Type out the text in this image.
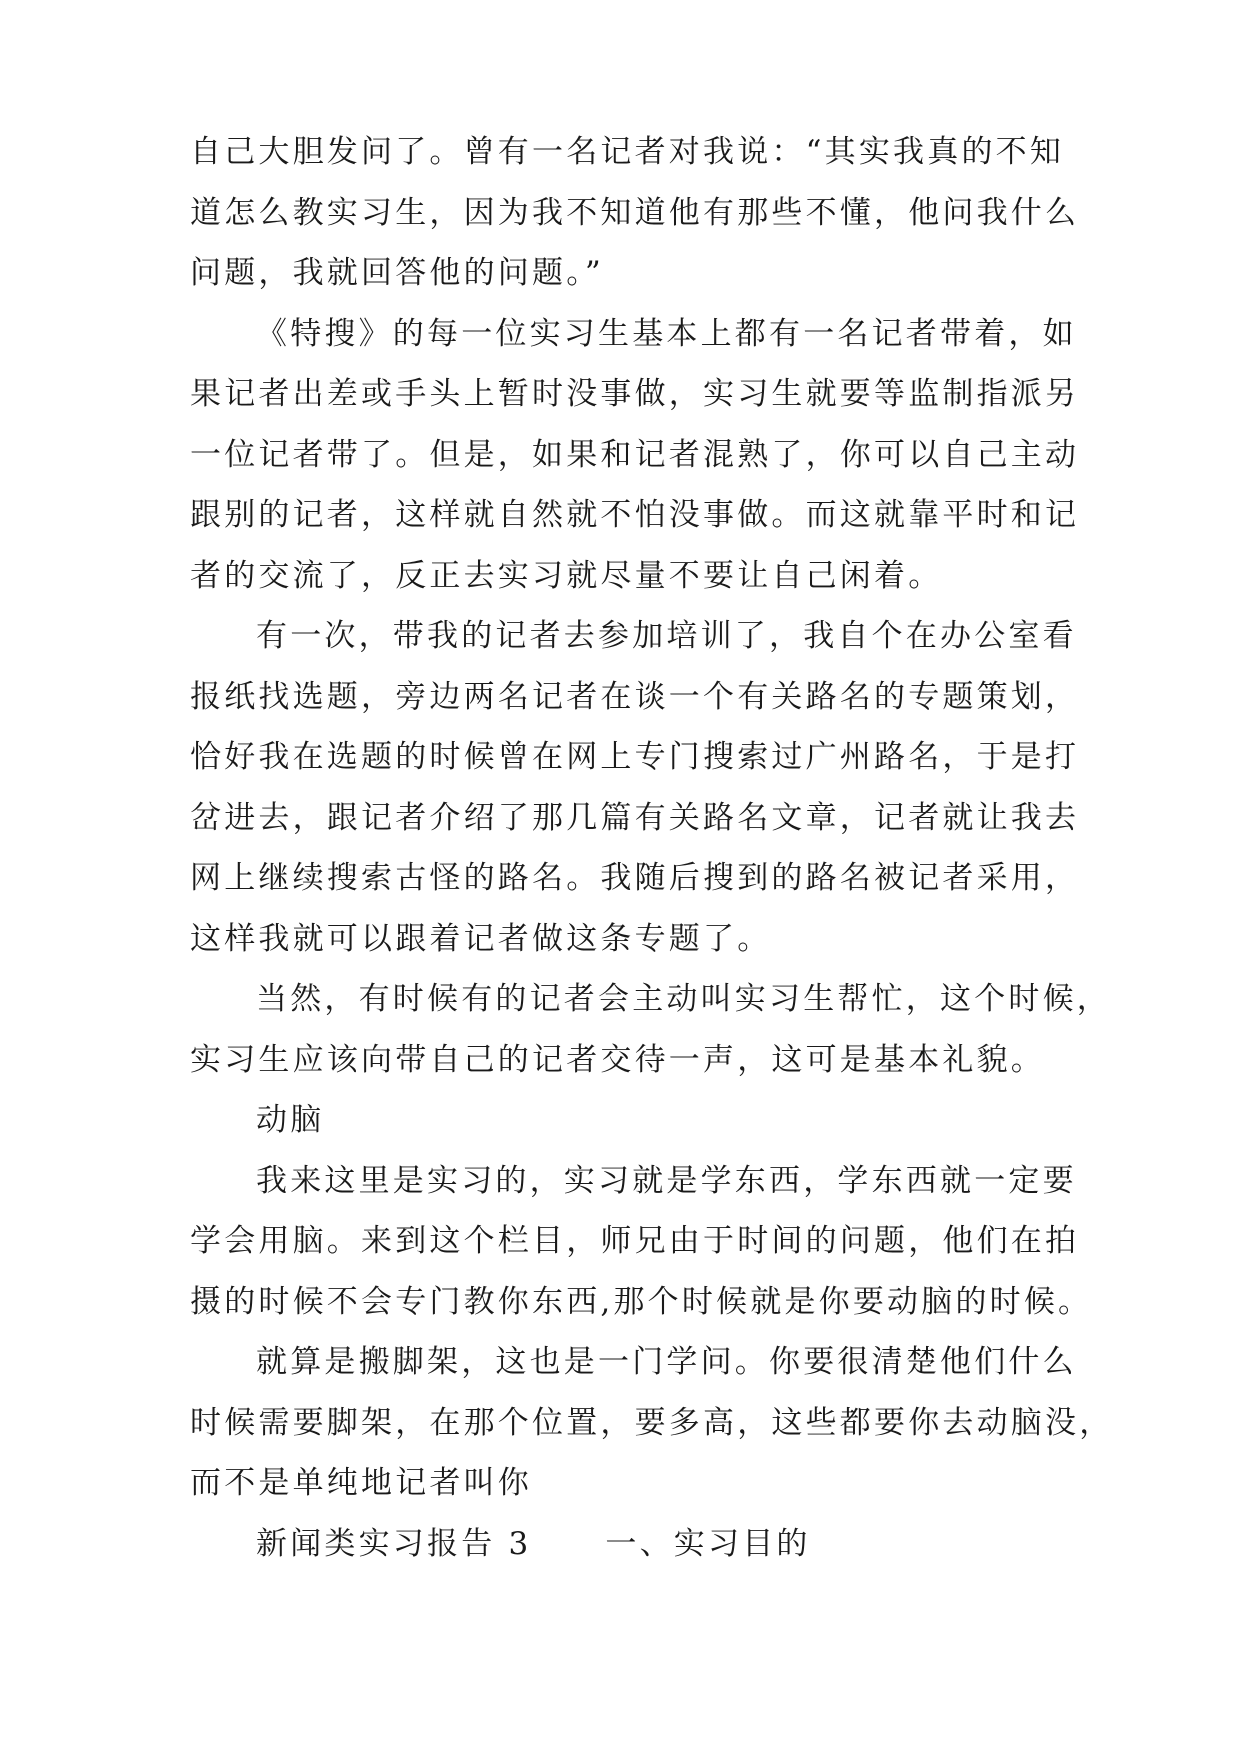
自己大胆发问了。曾有一名记者对我说：“其实我真的不知
道怎么教实习生，因为我不知道他有那些不懂，他问我什么
问题，我就回答他的问题。”
《特搜》的每一位实习生基本上都有一名记者带着，如
果记者出差或手头上暂时没事做，实习生就要等监制指派另
一位记者带了。但是，如果和记者混熟了，你可以自己主动
跟别的记者，这样就自然就不怕没事做。而这就靠平时和记
者的交流了，反正去实习就尽量不要让自己闲着。
有一次，带我的记者去参加培训了，我自个在办公室看
报纸找选题，旁边两名记者在谈一个有关路名的专题策划，
恰好我在选题的时候曾在网上专门搜索过广州路名，于是打
岔进去，跟记者介绍了那几篇有关路名文章，记者就让我去
网上继续搜索古怪的路名。我随后搜到的路名被记者采用，
这样我就可以跟着记者做这条专题了。
当然，有时候有的记者会主动叫实习生帮忙，这个时候，
实习生应该向带自己的记者交待一声，这可是基本礼貌。
动脑
我来这里是实习的，实习就是学东西，学东西就一定要
学会用脑。来到这个栏目，师兄由于时间的问题，他们在拍
摄的时候不会专门教你东西,那个时候就是你要动脑的时候。
就算是搬脚架，这也是一门学问。你要很清楚他们什么
时候需要脚架，在那个位置，要多高，这些都要你去动脑没，
而不是单纯地记者叫你
新闻类实习报告 3 一、实习目的
